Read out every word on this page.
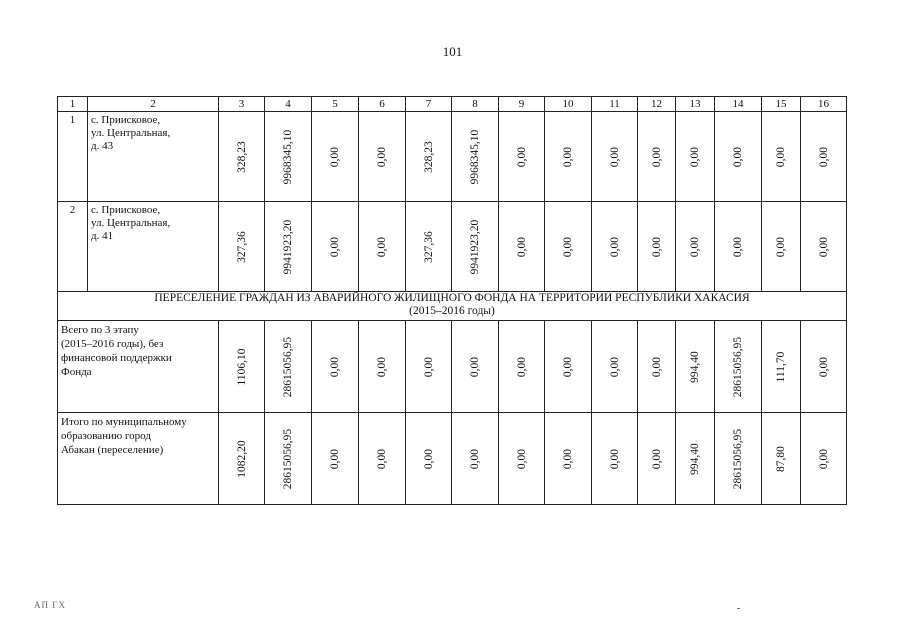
101
1	2	3	4	5	6	7	8	9	10	11	12	13	14	15	16
1	с. Приисковое,
ул. Центральная,
д. 43	328,23	9968345,10	0,00	0,00	328,23	9968345,10	0,00	0,00	0,00	0,00	0,00	0,00	0,00	0,00

2	с. Приисковое,
ул. Центральная,
д. 41	327,36	9941923,20	0,00	0,00	327,36	9941923,20	0,00	0,00	0,00	0,00	0,00	0,00	0,00	0,00

ПЕРЕСЕЛЕНИЕ ГРАЖДАН ИЗ АВАРИЙНОГО ЖИЛИЩНОГО ФОНДА НА ТЕРРИТОРИИ РЕСПУБЛИКИ ХАКАСИЯ
(2015–2016 годы)															

Всего по 3 этапу
(2015–2016 годы), без
финансовой поддержки
Фонда		1106,10	28615056,95	0,00	0,00	0,00	0,00	0,00	0,00	0,00	0,00	994,40	28615056,95	111,70	0,00

Итого по муниципальному
образованию город
Абакан (переселение)		1082,20	28615056,95	0,00	0,00	0,00	0,00	0,00	0,00	0,00	0,00	994,40	28615056,95	87,80	0,00
АП ГХ
